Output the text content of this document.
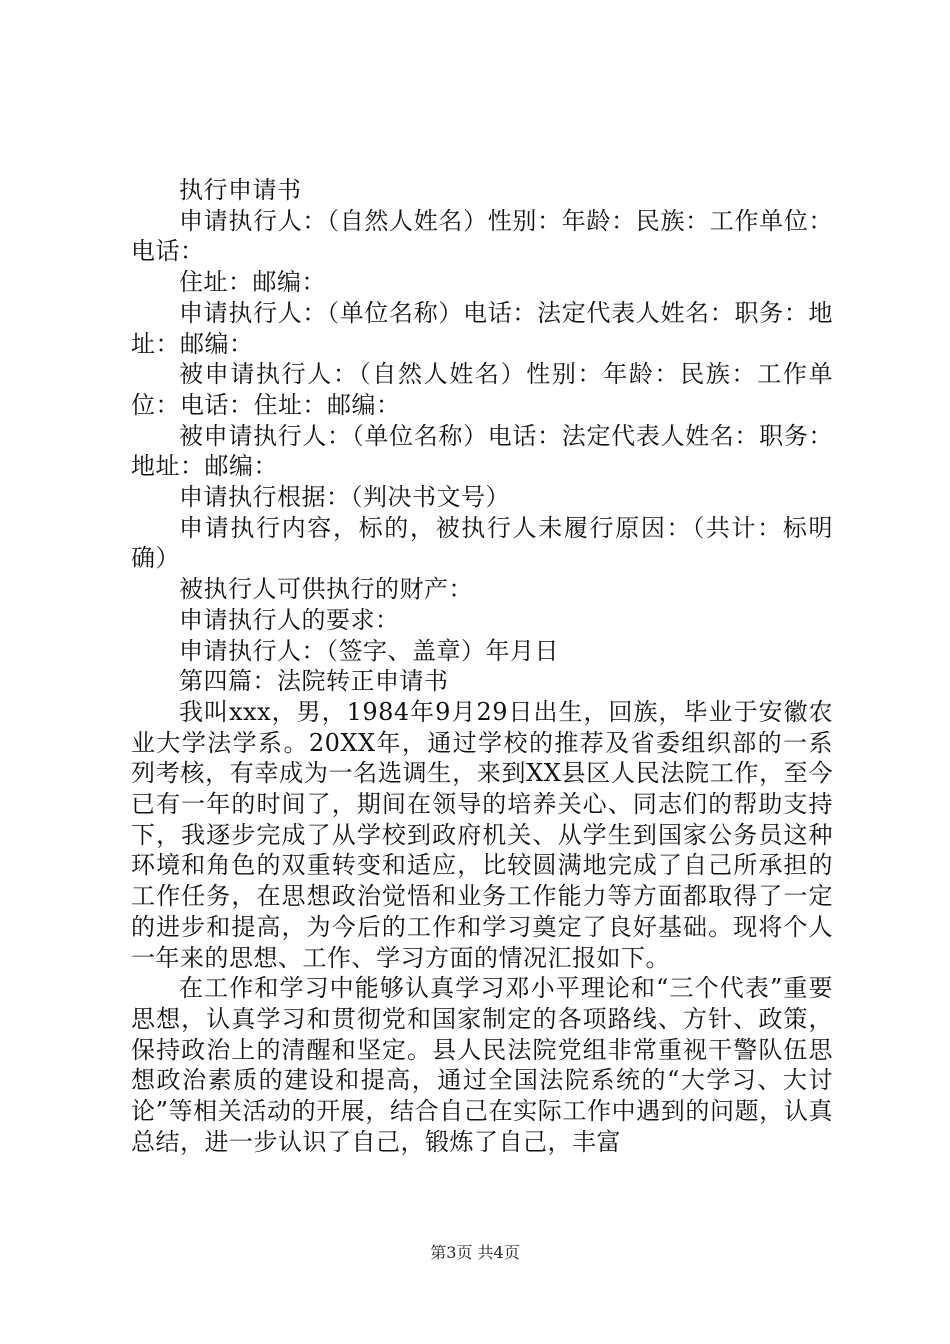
执行申请书

申请执行人：（自然人姓名）性别：年龄：民族：工作单位：电话：

住址：邮编：

申请执行人：（单位名称）电话：法定代表人姓名：职务：地址：邮编：

被申请执行人：（自然人姓名）性别：年龄：民族：工作单位：电话：住址：邮编：

被申请执行人：（单位名称）电话：法定代表人姓名：职务：地址：邮编：

申请执行根据：（判决书文号）

申请执行内容，标的，被执行人未履行原因：（共计：标明确）

被执行人可供执行的财产：

申请执行人的要求：

申请执行人：（签字、盖章）年月日

第四篇：法院转正申请书

我叫xxx，男，1984年9月29日出生，回族，毕业于安徽农业大学法学系。20XX年，通过学校的推荐及省委组织部的一系列考核，有幸成为一名选调生，来到XX县区人民法院工作，至今已有一年的时间了，期间在领导的培养关心、同志们的帮助支持下，我逐步完成了从学校到政府机关、从学生到国家公务员这种环境和角色的双重转变和适应，比较圆满地完成了自己所承担的工作任务，在思想政治觉悟和业务工作能力等方面都取得了一定的进步和提高，为今后的工作和学习奠定了良好基础。现将个人一年来的思想、工作、学习方面的情况汇报如下。

在工作和学习中能够认真学习邓小平理论和“三个代表”重要思想，认真学习和贯彻党和国家制定的各项路线、方针、政策，保持政治上的清醒和坚定。县人民法院党组非常重视干警队伍思想政治素质的建设和提高，通过全国法院系统的“大学习、大讨论”等相关活动的开展，结合自己在实际工作中遇到的问题，认真总结，进一步认识了自己，锻炼了自己，丰富

第3页 共4页
